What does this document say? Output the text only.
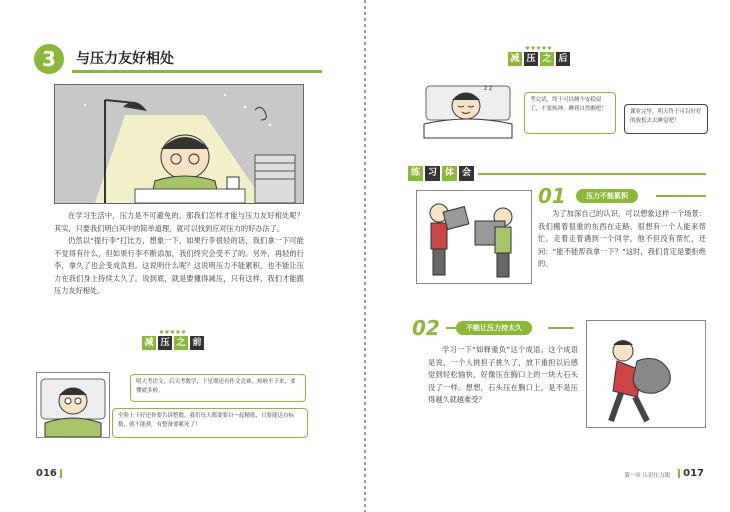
3	与压力友好相处

在学习生活中，压力是不可避免的。那我们怎样才能与压力友好相处呢？其实，只要我们明白其中的简单道理，就可以找到应对压力的好办法了。

仍然以“提行李”打比方，想象一下，如果行李很轻的话，我们拿一下可能不觉得有什么，但如果行李不断添加，我们终究会受不了的。另外，再轻的行李，拿久了也会变成负担。这说明什么呢？这说明压力不能累积，也不能让压力在我们身上持续太久了。说到底，就是要懂得减压，只有这样，我们才能跟压力友好相处。

♥♥♥♥♥
减 压 之 前
明天考语文，后天考数学，下星期还有作文竞赛，烦啦不下来，要懂就多啦。
全脸上下好还你要告诉整数，我们每天都要要自一起精练，只要能达自标数，就不能弹，有整备要累死了！
016
♥♥♥♥♥
减 压 之 后
z z
考完试，终于可以睡个安稳觉了，不要烦神，睡到自然醒吧！	课业完毕，明天终于可以好好的放松去去睡觉吧！
练 习 体 会
01	压力不能累积

为了加深自己的认识，可以想象这样一个场景：我们搬着很重的东西在走路，很想有一个人能来帮忙。走着走着遇到一个同学，他不但没有帮忙，还问：“能不能帮我拿一下？”这时，我们肯定是要拒绝的。

02	不能让压力持太久

学习一下“如释重负”这个成语。这个成语是说，一个人挑担子挑久了，放下重担以后感觉到轻松愉快，好像压在胸口上的一块大石头没了一样。想想，石头压在胸口上，是不是压得越久就越难受？

第一章 认识压力眼	017
